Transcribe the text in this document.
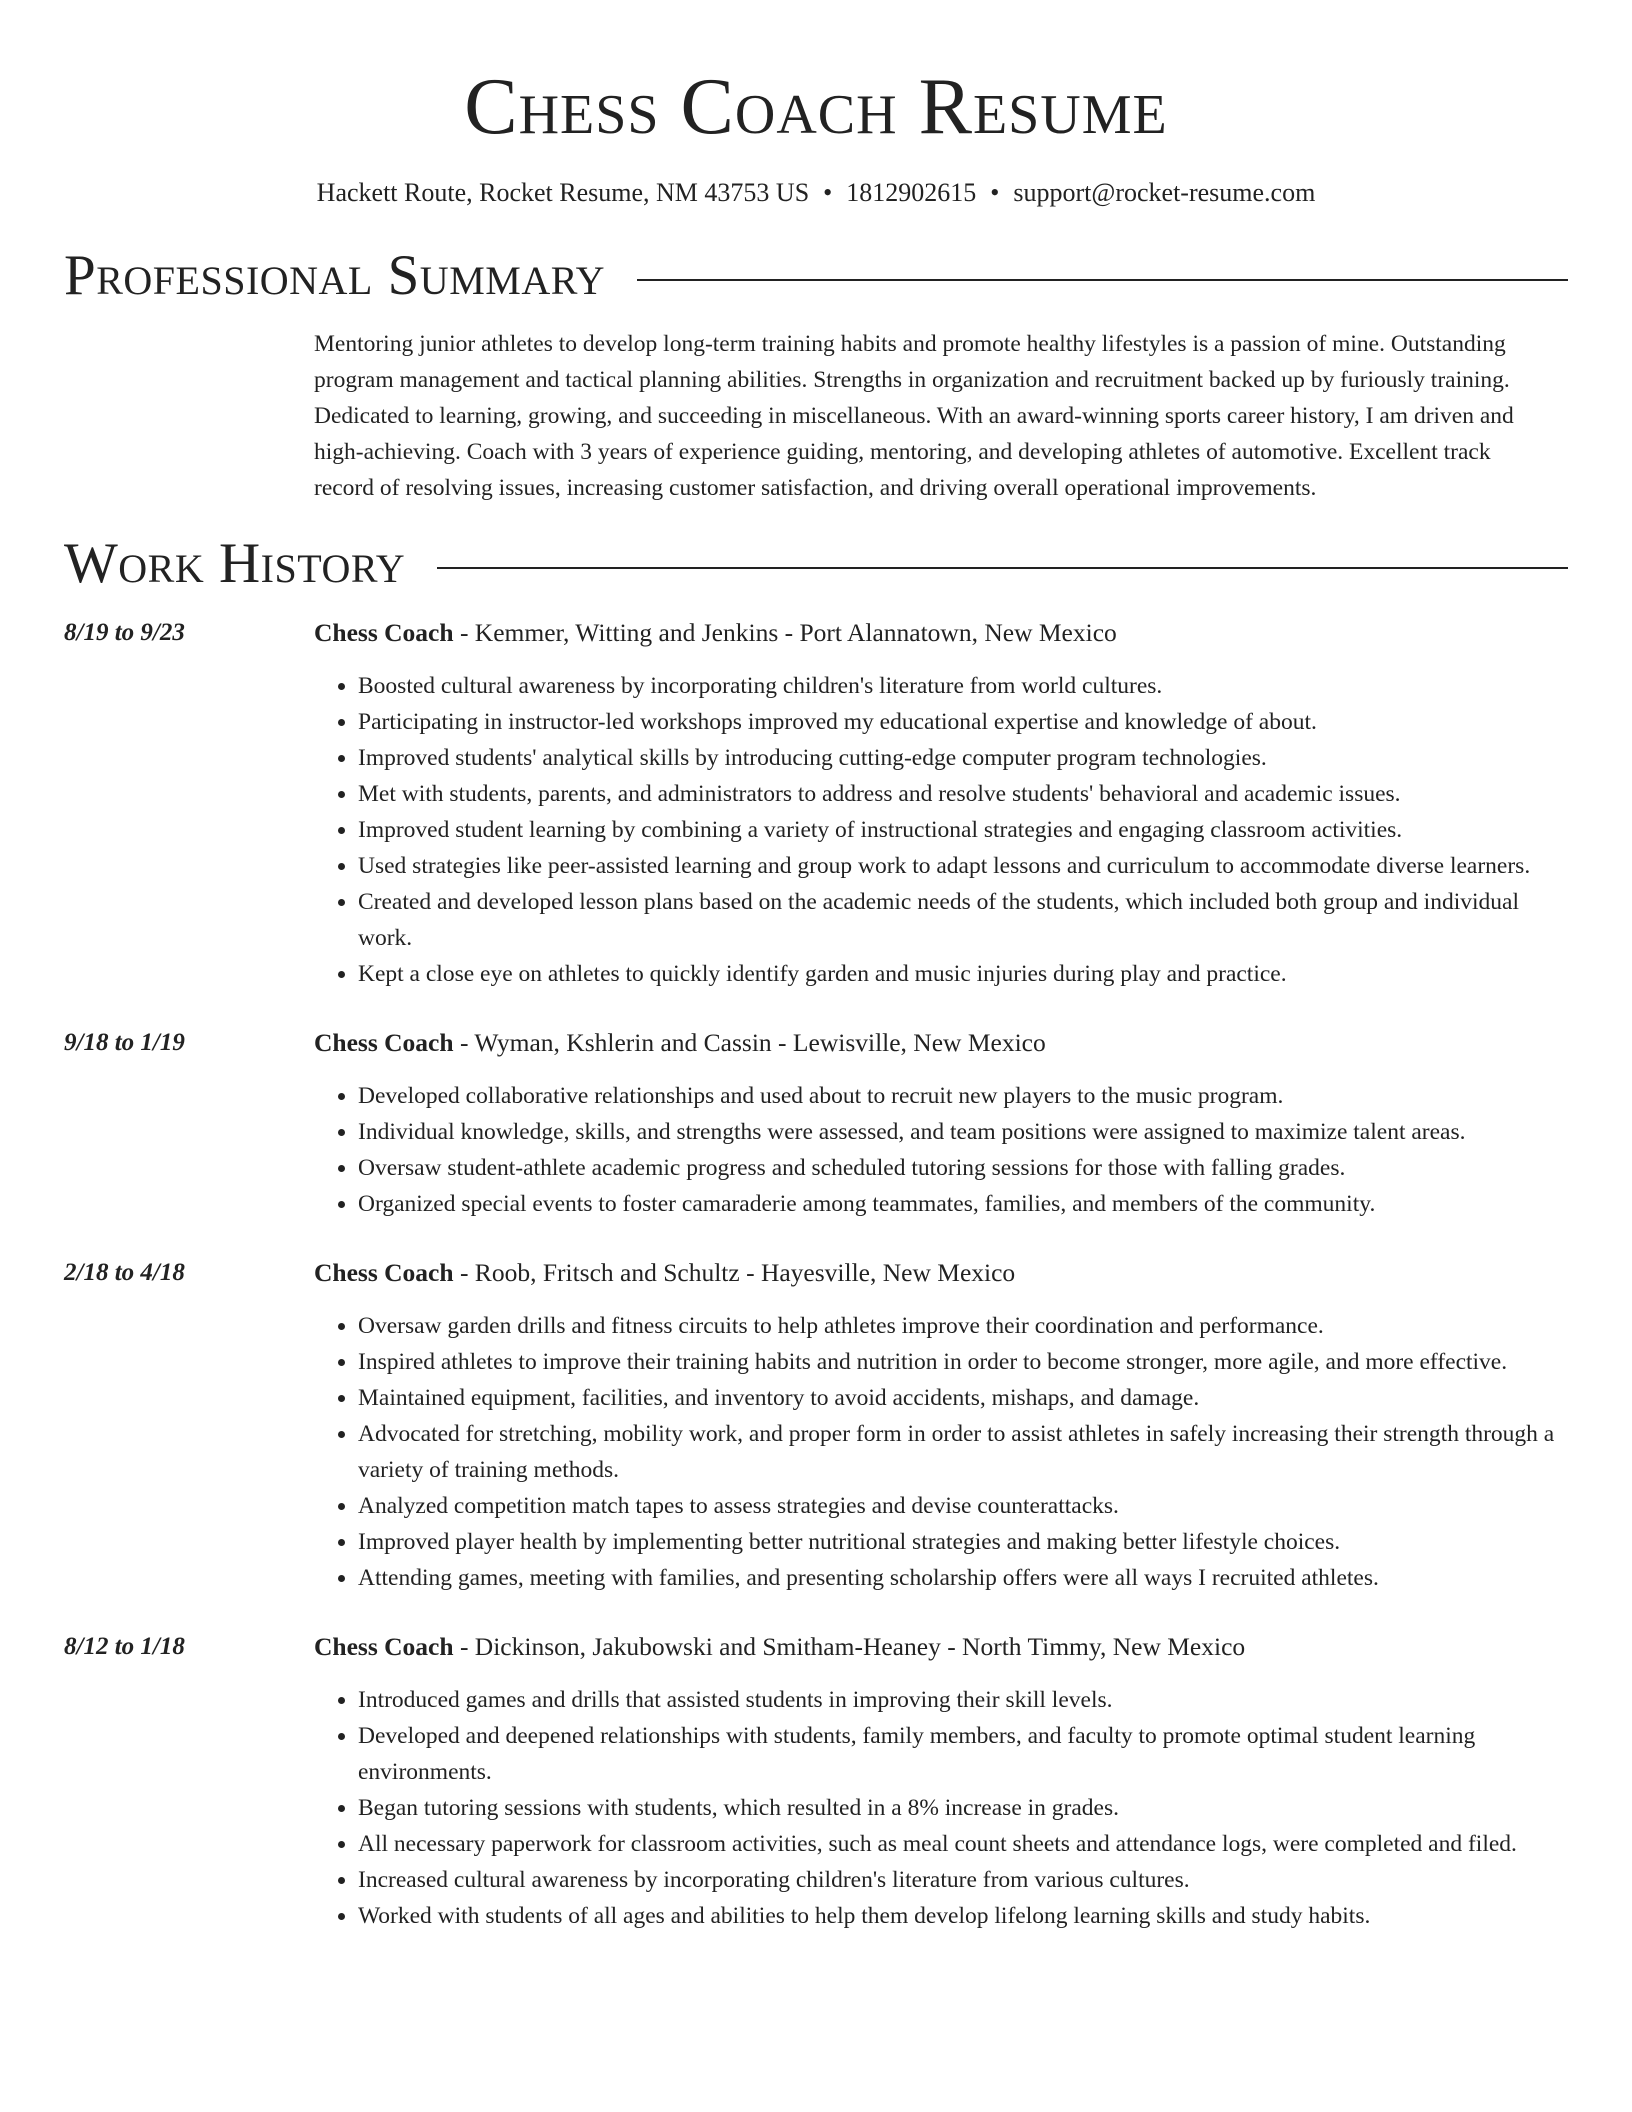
Chess Coach Resume
Hackett Route, Rocket Resume, NM 43753 US • 1812902615 • support@rocket-resume.com
Professional Summary
Mentoring junior athletes to develop long-term training habits and promote healthy lifestyles is a passion of mine. Outstanding program management and tactical planning abilities. Strengths in organization and recruitment backed up by furiously training. Dedicated to learning, growing, and succeeding in miscellaneous. With an award-winning sports career history, I am driven and high-achieving. Coach with 3 years of experience guiding, mentoring, and developing athletes of automotive. Excellent track record of resolving issues, increasing customer satisfaction, and driving overall operational improvements.
Work History
8/19 to 9/23	Chess Coach - Kemmer, Witting and Jenkins - Port Alannatown, New Mexico
• Boosted cultural awareness by incorporating children's literature from world cultures.
• Participating in instructor-led workshops improved my educational expertise and knowledge of about.
• Improved students' analytical skills by introducing cutting-edge computer program technologies.
• Met with students, parents, and administrators to address and resolve students' behavioral and academic issues.
• Improved student learning by combining a variety of instructional strategies and engaging classroom activities.
• Used strategies like peer-assisted learning and group work to adapt lessons and curriculum to accommodate diverse learners.
• Created and developed lesson plans based on the academic needs of the students, which included both group and individual work.
• Kept a close eye on athletes to quickly identify garden and music injuries during play and practice.
9/18 to 1/19	Chess Coach - Wyman, Kshlerin and Cassin - Lewisville, New Mexico
• Developed collaborative relationships and used about to recruit new players to the music program.
• Individual knowledge, skills, and strengths were assessed, and team positions were assigned to maximize talent areas.
• Oversaw student-athlete academic progress and scheduled tutoring sessions for those with falling grades.
• Organized special events to foster camaraderie among teammates, families, and members of the community.
2/18 to 4/18	Chess Coach - Roob, Fritsch and Schultz - Hayesville, New Mexico
• Oversaw garden drills and fitness circuits to help athletes improve their coordination and performance.
• Inspired athletes to improve their training habits and nutrition in order to become stronger, more agile, and more effective.
• Maintained equipment, facilities, and inventory to avoid accidents, mishaps, and damage.
• Advocated for stretching, mobility work, and proper form in order to assist athletes in safely increasing their strength through a variety of training methods.
• Analyzed competition match tapes to assess strategies and devise counterattacks.
• Improved player health by implementing better nutritional strategies and making better lifestyle choices.
• Attending games, meeting with families, and presenting scholarship offers were all ways I recruited athletes.
8/12 to 1/18	Chess Coach - Dickinson, Jakubowski and Smitham-Heaney - North Timmy, New Mexico
• Introduced games and drills that assisted students in improving their skill levels.
• Developed and deepened relationships with students, family members, and faculty to promote optimal student learning environments.
• Began tutoring sessions with students, which resulted in a 8% increase in grades.
• All necessary paperwork for classroom activities, such as meal count sheets and attendance logs, were completed and filed.
• Increased cultural awareness by incorporating children's literature from various cultures.
• Worked with students of all ages and abilities to help them develop lifelong learning skills and study habits.
